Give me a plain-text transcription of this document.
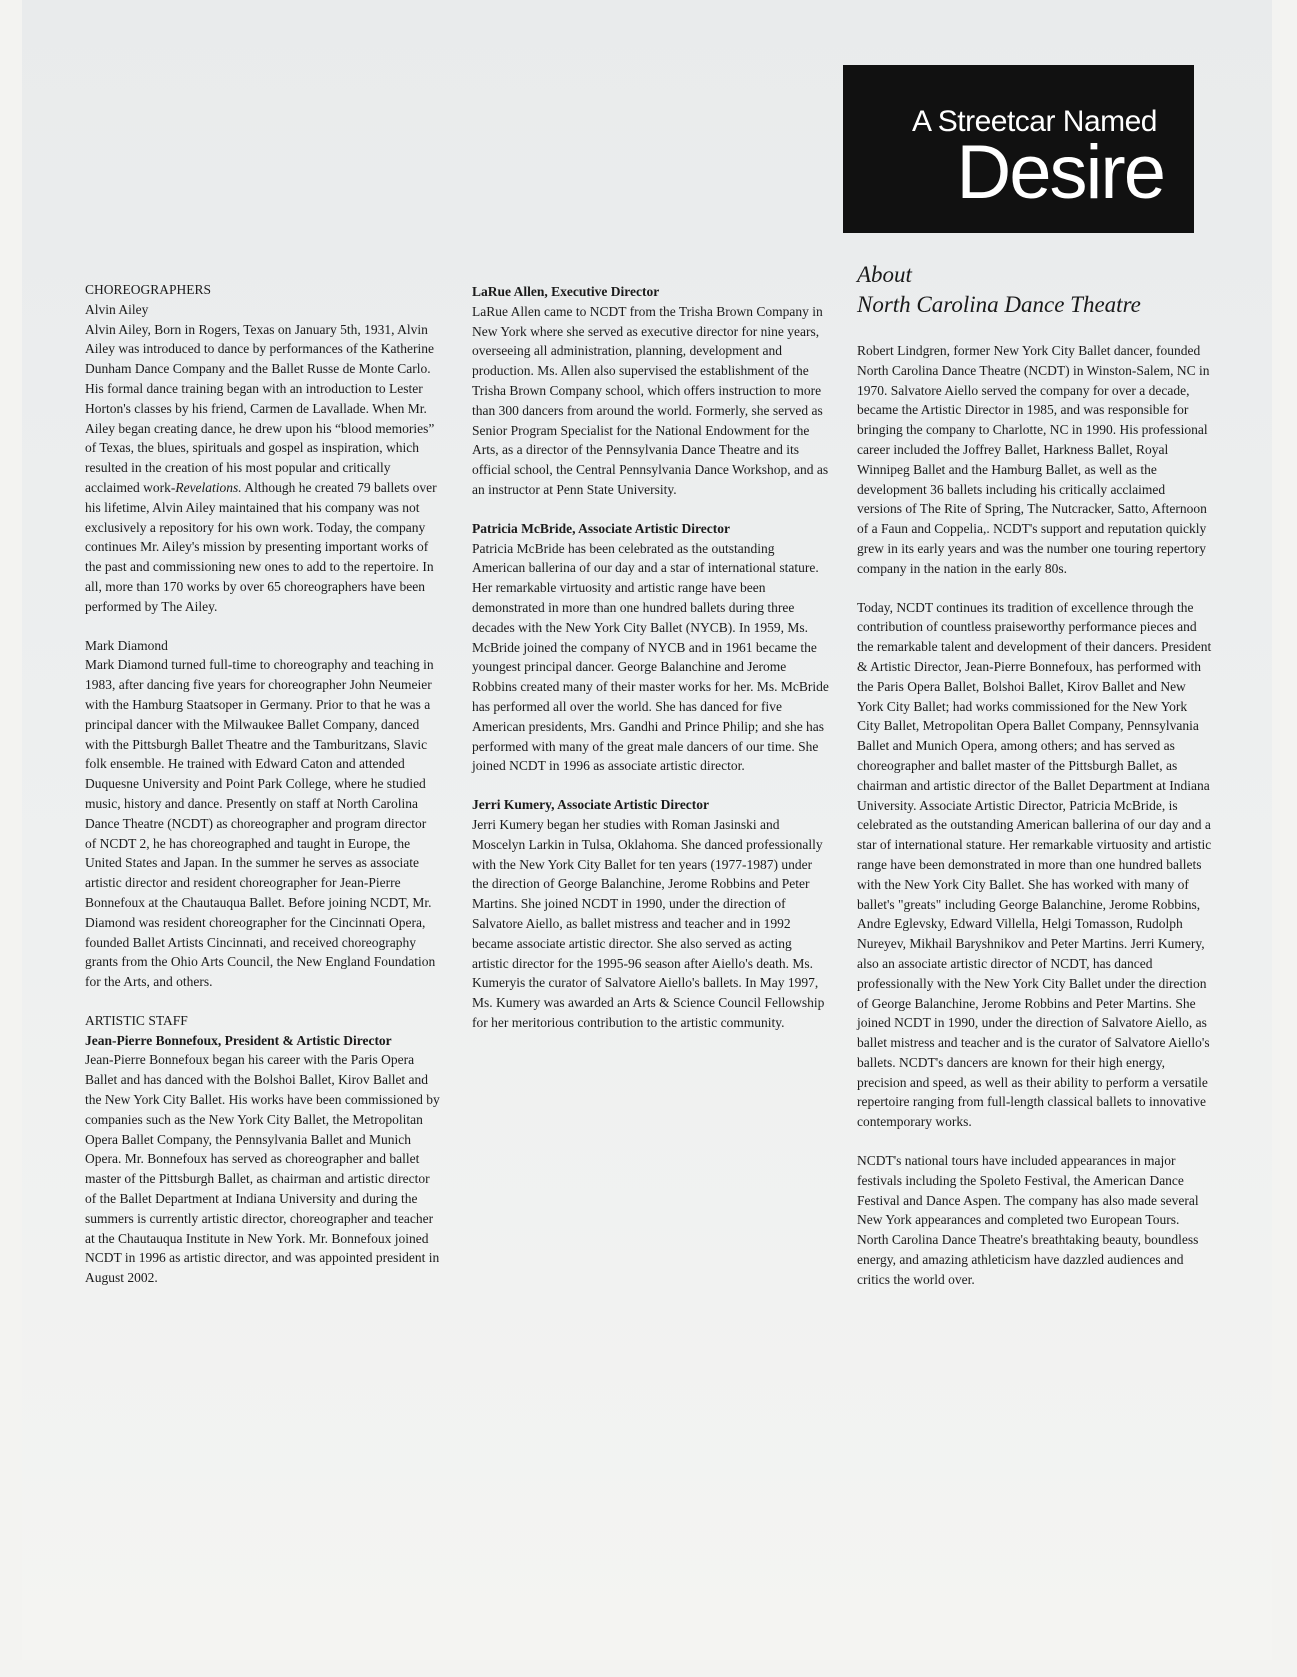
A Streetcar Named
Desire
About
North Carolina Dance Theatre

CHOREOGRAPHERS

Alvin Ailey

Alvin Ailey, Born in Rogers, Texas on January 5th, 1931, Alvin Ailey was introduced to dance by performances of the Katherine Dunham Dance Company and the Ballet Russe de Monte Carlo. His formal dance training began with an introduction to Lester Horton's classes by his friend, Carmen de Lavallade. When Mr. Ailey began creating dance, he drew upon his “blood memories” of Texas, the blues, spirituals and gospel as inspiration, which resulted in the creation of his most popular and critically acclaimed work-Revelations. Although he created 79 ballets over his lifetime, Alvin Ailey maintained that his company was not exclusively a repository for his own work. Today, the company continues Mr. Ailey's mission by presenting important works of the past and commissioning new ones to add to the repertoire. In all, more than 170 works by over 65 choreographers have been performed by The Ailey.

Mark Diamond

Mark Diamond turned full-time to choreography and teaching in 1983, after dancing five years for choreographer John Neumeier with the Hamburg Staatsoper in Germany. Prior to that he was a principal dancer with the Milwaukee Ballet Company, danced with the Pittsburgh Ballet Theatre and the Tamburitzans, Slavic folk ensemble. He trained with Edward Caton and attended Duquesne University and Point Park College, where he studied music, history and dance. Presently on staff at North Carolina Dance Theatre (NCDT) as choreographer and program director of NCDT 2, he has choreographed and taught in Europe, the United States and Japan. In the summer he serves as associate artistic director and resident choreographer for Jean-Pierre Bonnefoux at the Chautauqua Ballet. Before joining NCDT, Mr. Diamond was resident choreographer for the Cincinnati Opera, founded Ballet Artists Cincinnati, and received choreography grants from the Ohio Arts Council, the New England Foundation for the Arts, and others.

ARTISTIC STAFF

Jean-Pierre Bonnefoux, President & Artistic Director

Jean-Pierre Bonnefoux began his career with the Paris Opera Ballet and has danced with the Bolshoi Ballet, Kirov Ballet and the New York City Ballet. His works have been commissioned by companies such as the New York City Ballet, the Metropolitan Opera Ballet Company, the Pennsylvania Ballet and Munich Opera. Mr. Bonnefoux has served as choreographer and ballet master of the Pittsburgh Ballet, as chairman and artistic director of the Ballet Department at Indiana University and during the summers is currently artistic director, choreographer and teacher at the Chautauqua Institute in New York. Mr. Bonnefoux joined NCDT in 1996 as artistic director, and was appointed president in August 2002.

LaRue Allen, Executive Director

LaRue Allen came to NCDT from the Trisha Brown Company in New York where she served as executive director for nine years, overseeing all administration, planning, development and production. Ms. Allen also supervised the establishment of the Trisha Brown Company school, which offers instruction to more than 300 dancers from around the world. Formerly, she served as Senior Program Specialist for the National Endowment for the Arts, as a director of the Pennsylvania Dance Theatre and its official school, the Central Pennsylvania Dance Workshop, and as an instructor at Penn State University.

Patricia McBride, Associate Artistic Director

Patricia McBride has been celebrated as the outstanding American ballerina of our day and a star of international stature. Her remarkable virtuosity and artistic range have been demonstrated in more than one hundred ballets during three decades with the New York City Ballet (NYCB). In 1959, Ms. McBride joined the company of NYCB and in 1961 became the youngest principal dancer. George Balanchine and Jerome Robbins created many of their master works for her. Ms. McBride has performed all over the world. She has danced for five American presidents, Mrs. Gandhi and Prince Philip; and she has performed with many of the great male dancers of our time. She joined NCDT in 1996 as associate artistic director.

Jerri Kumery, Associate Artistic Director

Jerri Kumery began her studies with Roman Jasinski and Moscelyn Larkin in Tulsa, Oklahoma. She danced professionally with the New York City Ballet for ten years (1977-1987) under the direction of George Balanchine, Jerome Robbins and Peter Martins. She joined NCDT in 1990, under the direction of Salvatore Aiello, as ballet mistress and teacher and in 1992 became associate artistic director. She also served as acting artistic director for the 1995-96 season after Aiello's death. Ms. Kumeryis the curator of Salvatore Aiello's ballets. In May 1997, Ms. Kumery was awarded an Arts & Science Council Fellowship for her meritorious contribution to the artistic community.

Robert Lindgren, former New York City Ballet dancer, founded North Carolina Dance Theatre (NCDT) in Winston-Salem, NC in 1970. Salvatore Aiello served the company for over a decade, became the Artistic Director in 1985, and was responsible for bringing the company to Charlotte, NC in 1990. His professional career included the Joffrey Ballet, Harkness Ballet, Royal Winnipeg Ballet and the Hamburg Ballet, as well as the development 36 ballets including his critically acclaimed versions of The Rite of Spring, The Nutcracker, Satto, Afternoon of a Faun and Coppelia,. NCDT's support and reputation quickly grew in its early years and was the number one touring repertory company in the nation in the early 80s.

Today, NCDT continues its tradition of excellence through the contribution of countless praiseworthy performance pieces and the remarkable talent and development of their dancers. President & Artistic Director, Jean-Pierre Bonnefoux, has performed with the Paris Opera Ballet, Bolshoi Ballet, Kirov Ballet and New York City Ballet; had works commissioned for the New York City Ballet, Metropolitan Opera Ballet Company, Pennsylvania Ballet and Munich Opera, among others; and has served as choreographer and ballet master of the Pittsburgh Ballet, as chairman and artistic director of the Ballet Department at Indiana University. Associate Artistic Director, Patricia McBride, is celebrated as the outstanding American ballerina of our day and a star of international stature. Her remarkable virtuosity and artistic range have been demonstrated in more than one hundred ballets with the New York City Ballet. She has worked with many of ballet's "greats" including George Balanchine, Jerome Robbins, Andre Eglevsky, Edward Villella, Helgi Tomasson, Rudolph Nureyev, Mikhail Baryshnikov and Peter Martins. Jerri Kumery, also an associate artistic director of NCDT, has danced professionally with the New York City Ballet under the direction of George Balanchine, Jerome Robbins and Peter Martins. She joined NCDT in 1990, under the direction of Salvatore Aiello, as ballet mistress and teacher and is the curator of Salvatore Aiello's ballets. NCDT's dancers are known for their high energy, precision and speed, as well as their ability to perform a versatile repertoire ranging from full-length classical ballets to innovative contemporary works.

NCDT's national tours have included appearances in major festivals including the Spoleto Festival, the American Dance Festival and Dance Aspen. The company has also made several New York appearances and completed two European Tours. North Carolina Dance Theatre's breathtaking beauty, boundless energy, and amazing athleticism have dazzled audiences and critics the world over.
